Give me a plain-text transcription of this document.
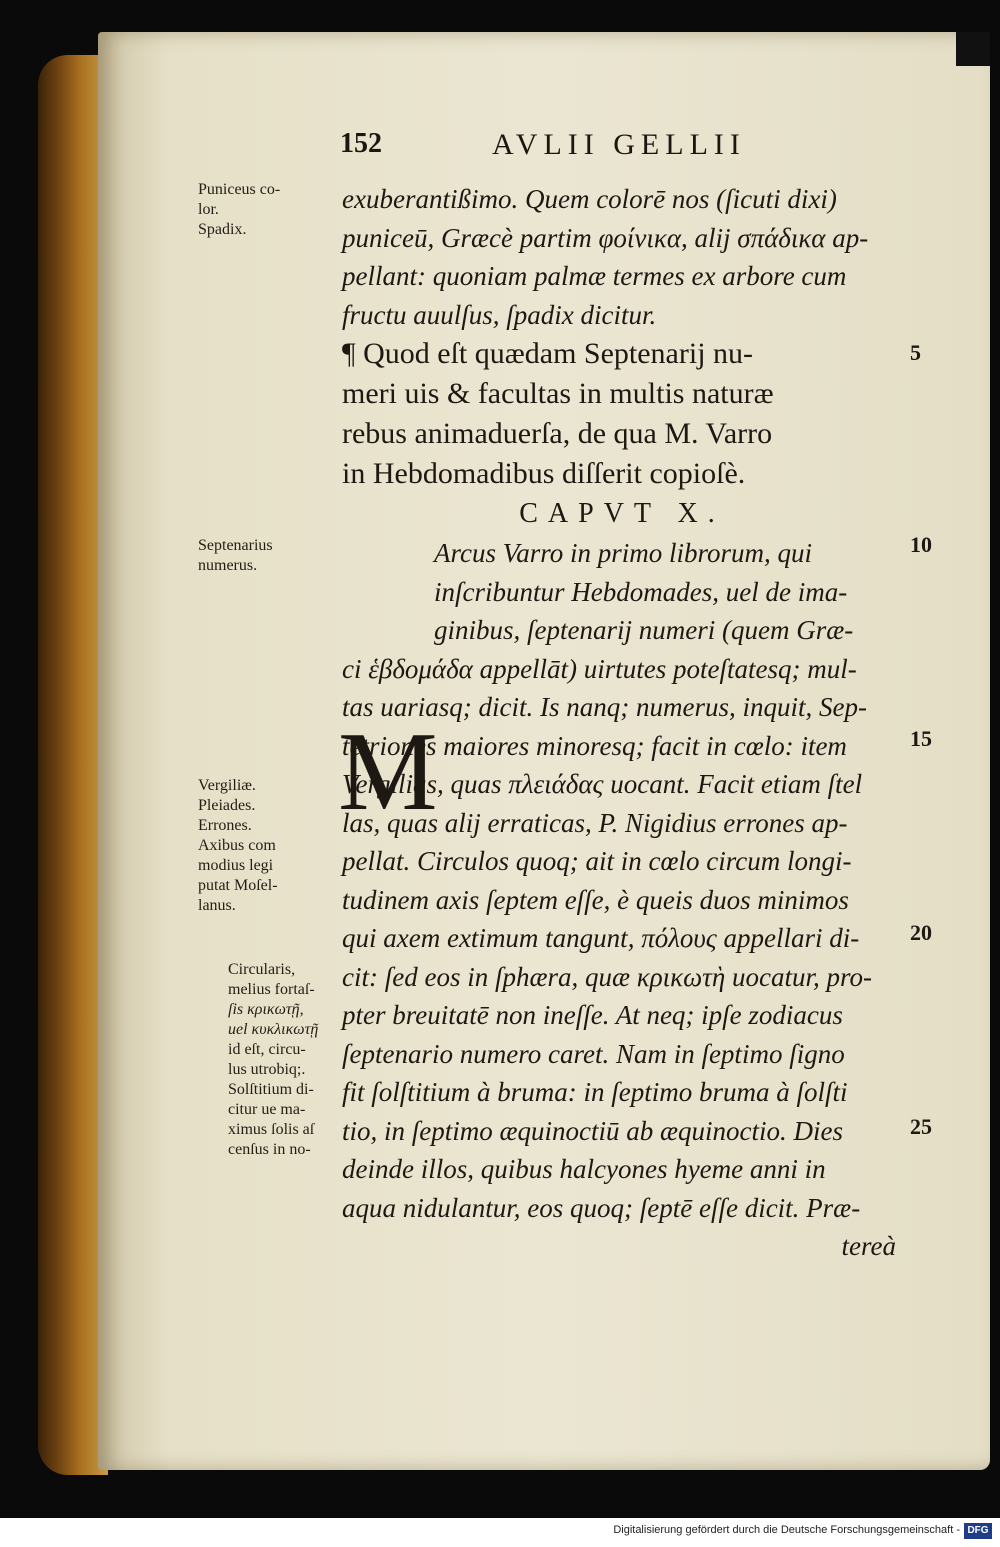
152	AVLII GELLII
Puniceus co-
lor.
Spadix.
Septenarius
numerus.
Vergiliæ.
Pleiades.
Errones.
Axibus com
modius legi
putat Moſel-
lanus.
Circularis,
melius fortaſ-
ſis κρικωτῇ,
uel κυκλικωτῇ
id eſt, circu-
lus utrobiq;.
Solſtitium di-
citur ue ma-
ximus ſolis aſ
cenſus in no-
exuberantißimo. Quem colorē nos (ſicuti dixi)
puniceū, Græcè partim φοίνικα, alij σπάδικα ap-
pellant: quoniam palmæ termes ex arbore cum
fructu auulſus, ſpadix dicitur.
¶ Quod eſt quædam Septenarij nu-
meri uis & facultas in multis naturæ
rebus animaduerſa, de qua M. Varro
in Hebdomadibus diſſerit copioſè.
CAPVT X.
Arcus Varro in primo librorum, qui
inſcribuntur Hebdomades, uel de ima-
ginibus, ſeptenarij numeri (quem Græ-
ci ἑβδομάδα appellāt) uirtutes poteſtatesq; mul-
tas uariasq; dicit. Is nanq; numerus, inquit, Sep-
tētriones maiores minoresq; facit in cœlo: item
Vergilias, quas πλειάδας uocant. Facit etiam ſtel
las, quas alij erraticas, P. Nigidius errones ap-
pellat. Circulos quoq; ait in cœlo circum longi-
tudinem axis ſeptem eſſe, è queis duos minimos
qui axem extimum tangunt, πόλους appellari di-
cit: ſed eos in ſphæra, quæ κρικωτὴ uocatur, pro-
pter breuitatē non ineſſe. At neq; ipſe zodiacus
ſeptenario numero caret. Nam in ſeptimo ſigno
fit ſolſtitium à bruma: in ſeptimo bruma à ſolſti
tio, in ſeptimo æquinoctiū ab æquinoctio. Dies
deinde illos, quibus halcyones hyeme anni in
aqua nidulantur, eos quoq; ſeptē eſſe dicit. Præ-
tereà
M
5
10
15
20
25
Digitalisierung gefördert durch die Deutsche Forschungsgemeinschaft - DFG
